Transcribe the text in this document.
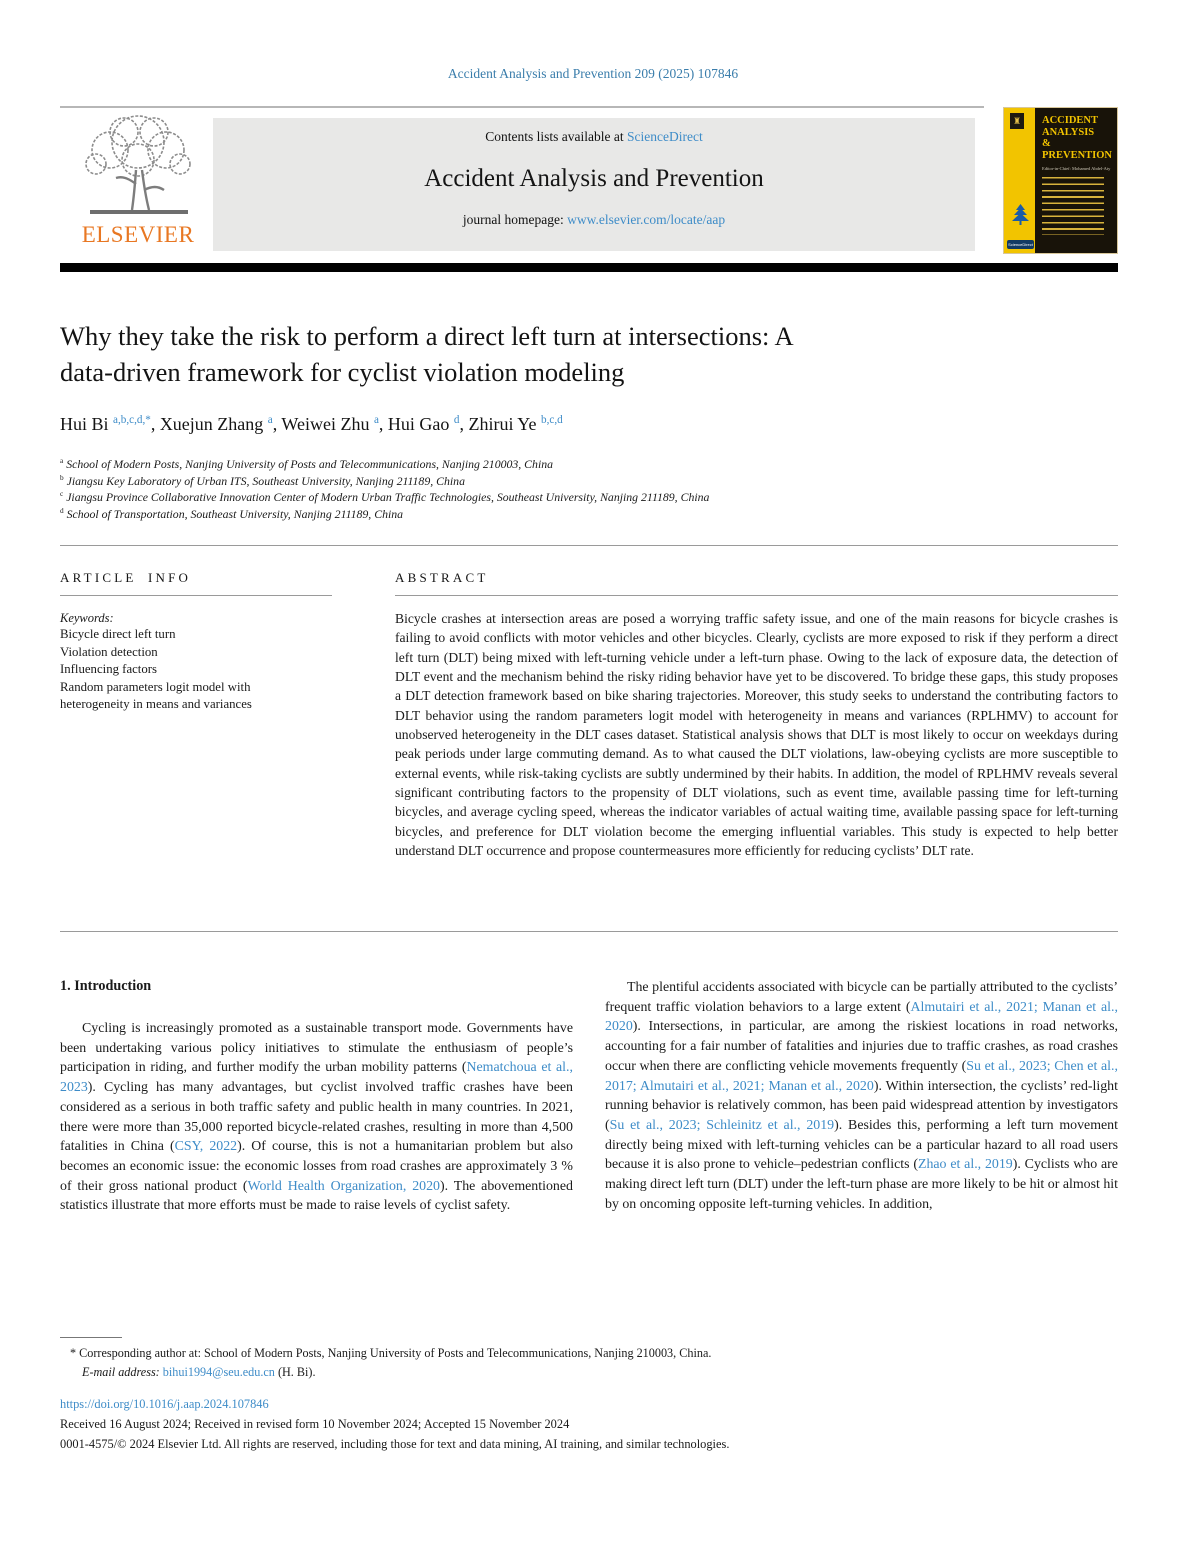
Accident Analysis and Prevention 209 (2025) 107846
ELSEVIER
Contents lists available at ScienceDirect
Accident Analysis and Prevention
journal homepage: www.elsevier.com/locate/aap
♜
ScienceDirect
ACCIDENT
ANALYSIS
&
PREVENTION
Editor-in-Chief: Mohamed Abdel-Aty
Why they take the risk to perform a direct left turn at intersections: A
data-driven framework for cyclist violation modeling
Hui Bi $^{a,b,c,d,*}$, Xuejun Zhang $^a$, Weiwei Zhu $^a$, Hui Gao $^d$, Zhirui Ye $^{b,c,d}$
$^a$ School of Modern Posts, Nanjing University of Posts and Telecommunications, Nanjing 210003, China
$^b$ Jiangsu Key Laboratory of Urban ITS, Southeast University, Nanjing 211189, China
$^c$ Jiangsu Province Collaborative Innovation Center of Modern Urban Traffic Technologies, Southeast University, Nanjing 211189, China
$^d$ School of Transportation, Southeast University, Nanjing 211189, China
ARTICLE INFO
Keywords:
Bicycle direct left turn
Violation detection
Influencing factors
Random parameters logit model with heterogeneity in means and variances
ABSTRACT
Bicycle crashes at intersection areas are posed a worrying traffic safety issue, and one of the main reasons for bicycle crashes is failing to avoid conflicts with motor vehicles and other bicycles. Clearly, cyclists are more exposed to risk if they perform a direct left turn (DLT) being mixed with left-turning vehicle under a left-turn phase. Owing to the lack of exposure data, the detection of DLT event and the mechanism behind the risky riding behavior have yet to be discovered. To bridge these gaps, this study proposes a DLT detection framework based on bike sharing trajectories. Moreover, this study seeks to understand the contributing factors to DLT behavior using the random parameters logit model with heterogeneity in means and variances (RPLHMV) to account for unobserved heterogeneity in the DLT cases dataset. Statistical analysis shows that DLT is most likely to occur on weekdays during peak periods under large commuting demand. As to what caused the DLT violations, law-obeying cyclists are more susceptible to external events, while risk-taking cyclists are subtly undermined by their habits. In addition, the model of RPLHMV reveals several significant contributing factors to the propensity of DLT violations, such as event time, available passing time for left-turning bicycles, and average cycling speed, whereas the indicator variables of actual waiting time, available passing space for left-turning bicycles, and preference for DLT violation become the emerging influential variables. This study is expected to help better understand DLT occurrence and propose countermeasures more efficiently for reducing cyclists’ DLT rate.
1. Introduction

Cycling is increasingly promoted as a sustainable transport mode. Governments have been undertaking various policy initiatives to stimulate the enthusiasm of people’s participation in riding, and further modify the urban mobility patterns (Nematchoua et al., 2023). Cycling has many advantages, but cyclist involved traffic crashes have been considered as a serious in both traffic safety and public health in many countries. In 2021, there were more than 35,000 reported bicycle-related crashes, resulting in more than 4,500 fatalities in China (CSY, 2022). Of course, this is not a humanitarian problem but also becomes an economic issue: the economic losses from road crashes are approximately 3 % of their gross national product (World Health Organization, 2020). The abovementioned statistics illustrate that more efforts must be made to raise levels of cyclist safety.

The plentiful accidents associated with bicycle can be partially attributed to the cyclists’ frequent traffic violation behaviors to a large extent (Almutairi et al., 2021; Manan et al., 2020). Intersections, in particular, are among the riskiest locations in road networks, accounting for a fair number of fatalities and injuries due to traffic crashes, as road crashes occur when there are conflicting vehicle movements frequently (Su et al., 2023; Chen et al., 2017; Almutairi et al., 2021; Manan et al., 2020). Within intersection, the cyclists’ red-light running behavior is relatively common, has been paid widespread attention by investigators (Su et al., 2023; Schleinitz et al., 2019). Besides this, performing a left turn movement directly being mixed with left-turning vehicles can be a particular hazard to all road users because it is also prone to vehicle–pedestrian conflicts (Zhao et al., 2019). Cyclists who are making direct left turn (DLT) under the left-turn phase are more likely to be hit or almost hit by on oncoming opposite left-turning vehicles. In addition,

* Corresponding author at: School of Modern Posts, Nanjing University of Posts and Telecommunications, Nanjing 210003, China.
E-mail address: bihui1994@seu.edu.cn (H. Bi).
https://doi.org/10.1016/j.aap.2024.107846
Received 16 August 2024; Received in revised form 10 November 2024; Accepted 15 November 2024
0001-4575/© 2024 Elsevier Ltd. All rights are reserved, including those for text and data mining, AI training, and similar technologies.
